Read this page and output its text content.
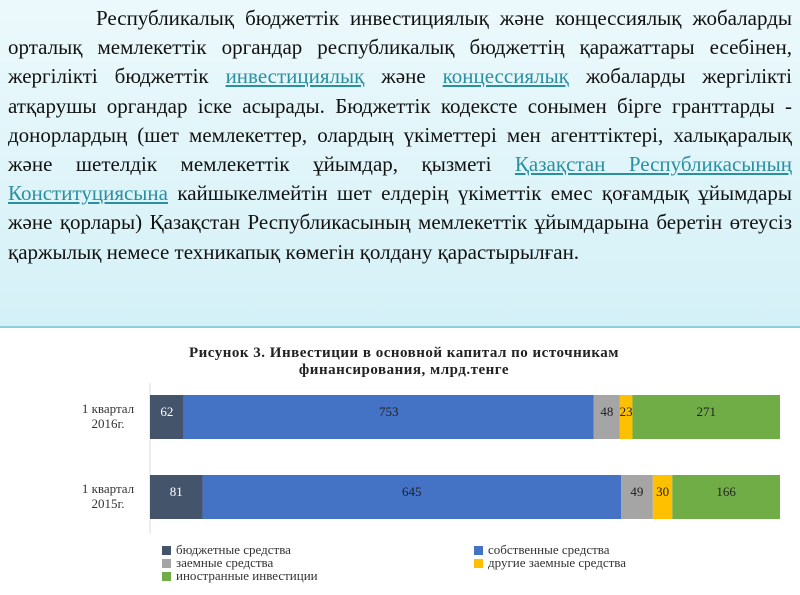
Республикалық бюджеттік инвестициялық және концессиялық жобаларды орталық мемлекеттік органдар республикалық бюджеттің қаражаттары есебінен, жергілікті бюджеттік инвестициялық және концессиялық жобаларды жергілікті атқарушы органдар іске асырады. Бюджеттік кодексте сонымен бірге гранттарды - донорлардың (шет мемлекеттер, олардың үкіметтері мен агенттіктері, халықаралық және шетелдік мемлекеттік ұйымдар, қызметі Қазақстан Республикасының Конституциясына кайшыкелмейтін шет елдерің үкіметтік емес қоғамдық ұйымдары және қорлары) Қазақстан Республикасының мемлекеттік ұйымдарына беретін өтеусіз қаржылық немесе техникапық көмегін қолдану қарастырылған.

Рисунок 3. Инвестиции в основной капитал по источникам
финансирования, млрд.тенге
1 квартал
2016г.
62	753	48 23	271
1 квартал
2015г.
81	645	49 30	166
бюджетные средства	собственные средства
заемные средства	другие заемные средства
иностранные инвестиции
